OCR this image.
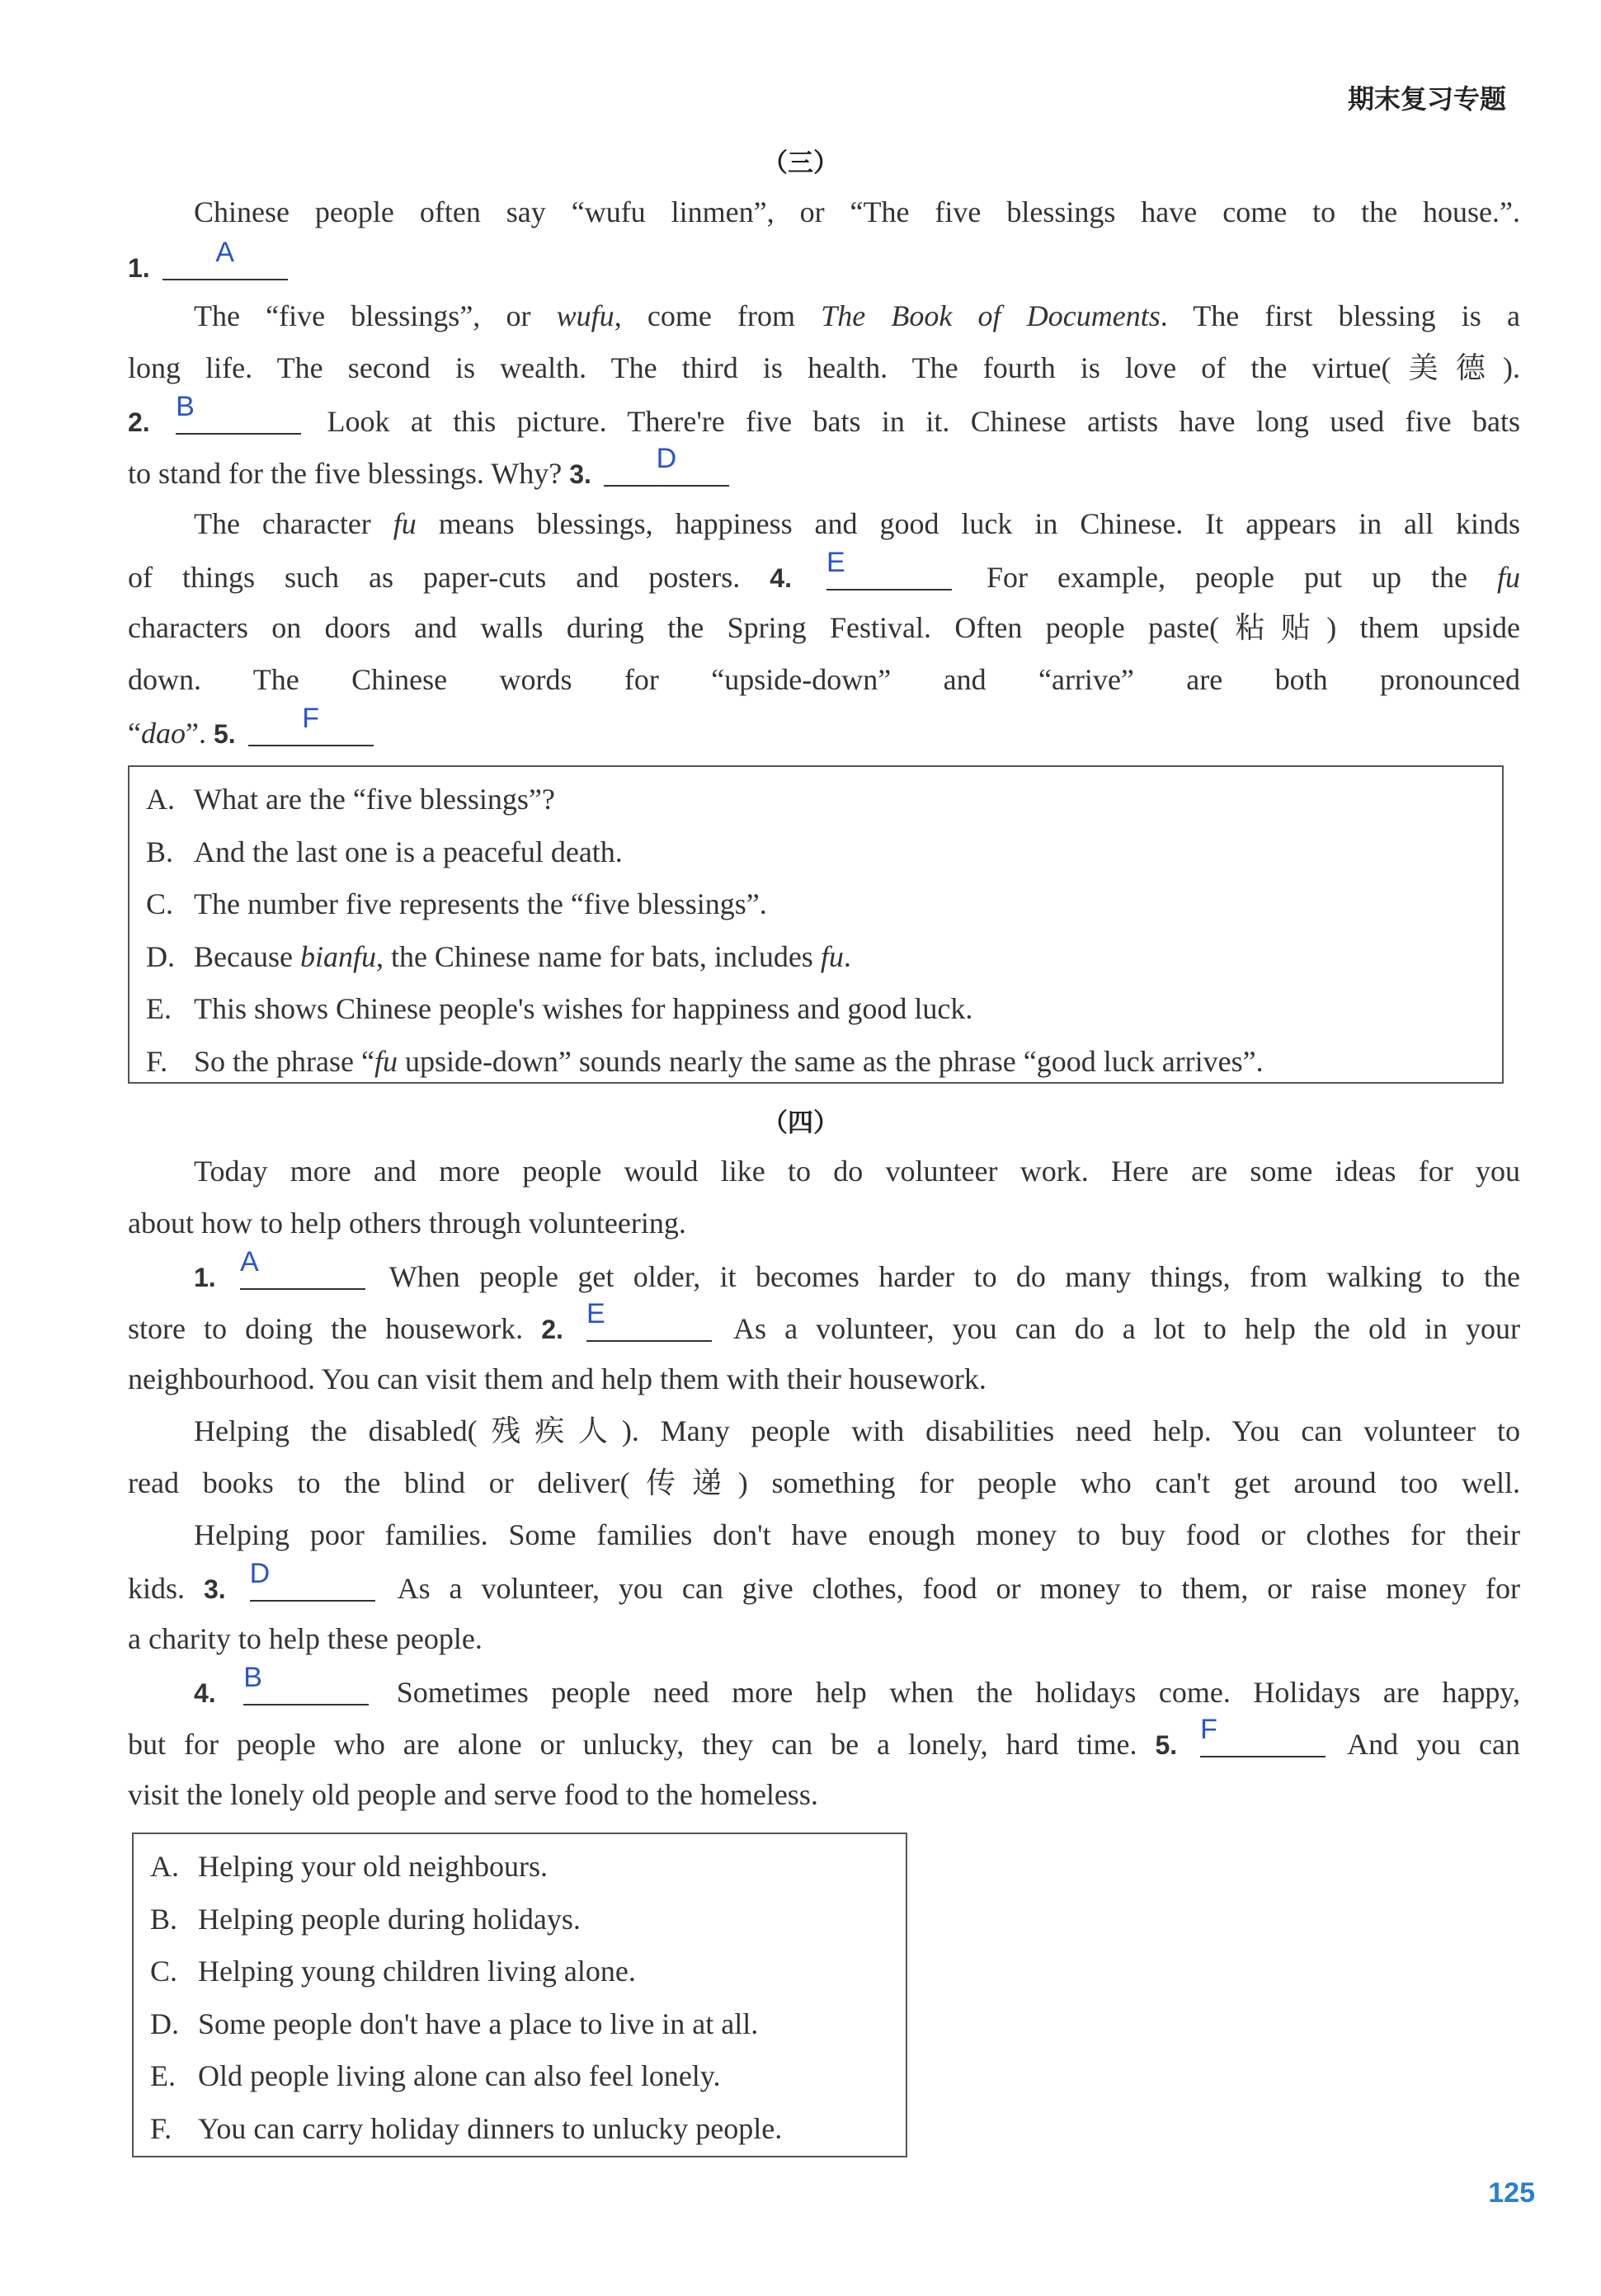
期末复习专题
（三）
Chinese people often say “wufu linmen”, or “The five blessings have come to the house.”.
1.	A
The “five blessings”, or wufu, come from The Book of Documents. The first blessing is a
long life. The second is wealth. The third is health. The fourth is love of the virtue(美德).
2. B	Look at this picture. There're five bats in it. Chinese artists have long used five bats
to stand for the five blessings. Why? 3.	D
The character fu means blessings, happiness and good luck in Chinese. It appears in all kinds
of things such as paper-cuts and posters. 4. E	For example, people put up the fu
characters on doors and walls during the Spring Festival. Often people paste(粘贴) them upside
down. The Chinese words for “upside-down” and “arrive” are both pronounced
“dao”. 5.	F
A. What are the “five blessings”?
B. And the last one is a peaceful death.
C. The number five represents the “five blessings”.
D. Because bianfu, the Chinese name for bats, includes fu.
E. This shows Chinese people's wishes for happiness and good luck.
F. So the phrase “fu upside-down” sounds nearly the same as the phrase “good luck arrives”.
（四）
Today more and more people would like to do volunteer work. Here are some ideas for you
about how to help others through volunteering.
1. A	When people get older, it becomes harder to do many things, from walking to the
store to doing the housework. 2. E	As a volunteer, you can do a lot to help the old in your
neighbourhood. You can visit them and help them with their housework.
Helping the disabled(残疾人). Many people with disabilities need help. You can volunteer to
read books to the blind or deliver(传递) something for people who can't get around too well.
Helping poor families. Some families don't have enough money to buy food or clothes for their
kids. 3. D	As a volunteer, you can give clothes, food or money to them, or raise money for
a charity to help these people.
4. B	Sometimes people need more help when the holidays come. Holidays are happy,
but for people who are alone or unlucky, they can be a lonely, hard time. 5. F	And you can
visit the lonely old people and serve food to the homeless.
A. Helping your old neighbours.
B. Helping people during holidays.
C. Helping young children living alone.
D. Some people don't have a place to live in at all.
E. Old people living alone can also feel lonely.
F. You can carry holiday dinners to unlucky people.
125
